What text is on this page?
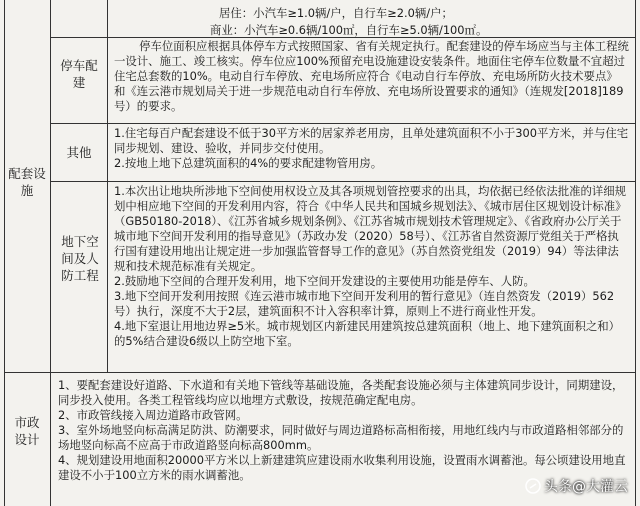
居住：小汽车≥1.0辆/户，自行车≥2.0辆/户；
商业：小汽车≥0.6辆/100㎡，自行车≥5.0辆/100㎡。
配套设施
停车配建
停车位面积应根据具体停车方式按照国家、省有关规定执行。配套建设的停车场应当与主体工程统一设计、施工、竣工核实。停车位应100%预留充电设施建设安装条件。地面住宅停车位数量不宜超过住宅总套数的10%。电动自行车停放、充电场所应符合《电动自行车停放、充电场所防火技术要点》和《连云港市规划局关于进一步规范电动自行车停放、充电场所设置要求的通知》（连规发[2018]189号）的要求。
其他
1.住宅每百户配套建设不低于30平方米的居家养老用房，且单处建筑面积不小于300平方米，并与住宅同步规划、建设、验收，并同步交付使用。
2.按地上地下总建筑面积的4%的要求配建物管用房。
地下空间及人防工程
1.本次出让地块所涉地下空间使用权设立及其各项规划管控要求的出具，均依据已经依法批准的详细规划中相应地下空间的开发利用内容，符合《中华人民共和国城乡规划法》、《城市居住区规划设计标准》（GB50180-2018）、《江苏省城乡规划条例》、《江苏省城市规划技术管理规定》、《省政府办公厅关于城市地下空间开发利用的指导意见》（苏政办发（2020）58号）、《江苏省自然资源厅党组关于严格执行国有建设用地出让规定进一步加强监管督导工作的意见》（苏自然资党组发（2019）94）等法律法规和技术规范标准有关规定。
2.鼓励地下空间的合理开发利用，地下空间开发建设的主要使用功能是停车、人防。
3.地下空间开发利用按照《连云港市城市地下空间开发利用的暂行意见》（连自然资发（2019）562号）执行，深度不大于2层，建筑面积不计入容积率计算，原则上不进行商业性开发。
4.地下室退让用地边界≥5米。城市规划区内新建民用建筑按总建筑面积（地上、地下建筑面积之和）的5%结合建设6级以上防空地下室。
市政设计
1、要配套建设好道路、下水道和有关地下管线等基础设施，各类配套设施必须与主体建筑同步设计，同期建设，同步投入使用。各类工程管线均应以地埋方式敷设，按规范确定配电房。
2、市政管线接入周边道路市政管网。
3、室外场地竖向标高满足防洪、防潮要求，同时做好与周边道路标高相衔接，用地红线内与市政道路相邻部分的场地竖向标高不应高于市政道路竖向标高800mm。
4、规划建设用地面积20000平方米以上新建建筑应建设雨水收集利用设施，设置雨水调蓄池。每公顷建设用地直建设不小于100立方米的雨水调蓄池。
头条@大灌云
